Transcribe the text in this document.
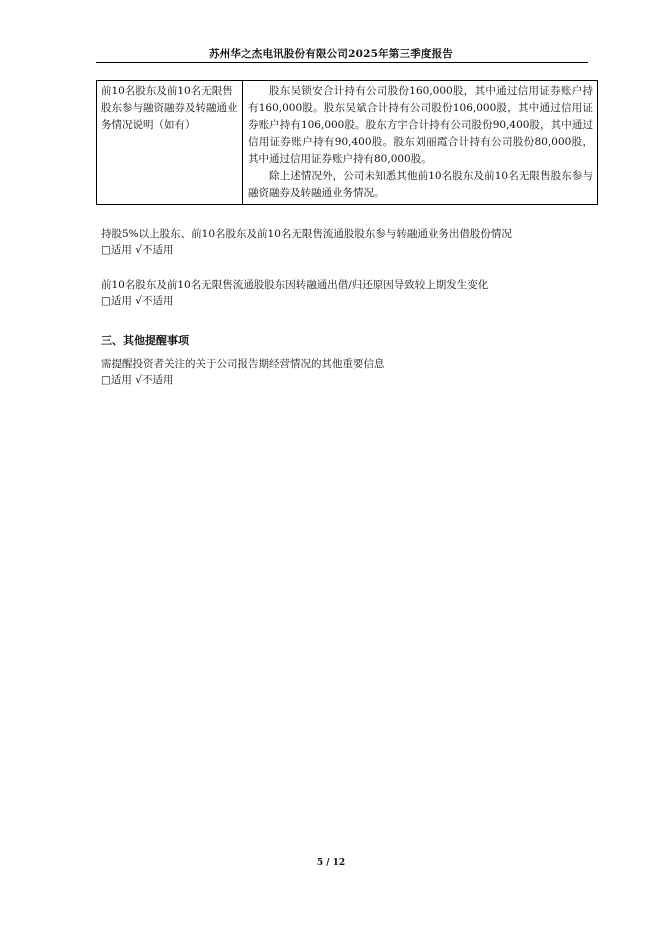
苏州华之杰电讯股份有限公司2025年第三季度报告
前10名股东及前10名无限售股东参与融资融券及转融通业务情况说明（如有）	

股东吴锁安合计持有公司股份160,000股，其中通过信用证券账户持有160,000股。股东吴斌合计持有公司股份106,000股，其中通过信用证券账户持有106,000股。股东方宇合计持有公司股份90,400股，其中通过信用证券账户持有90,400股。股东刘丽霞合计持有公司股份80,000股，其中通过信用证券账户持有80,000股。

除上述情况外，公司未知悉其他前10名股东及前10名无限售股东参与融资融券及转融通业务情况。

持股5%以上股东、前10名股东及前10名无限售流通股股东参与转融通业务出借股份情况
□适用 √不适用
前10名股东及前10名无限售流通股股东因转融通出借/归还原因导致较上期发生变化
□适用 √不适用
三、其他提醒事项
需提醒投资者关注的关于公司报告期经营情况的其他重要信息
□适用 √不适用
5 / 12
